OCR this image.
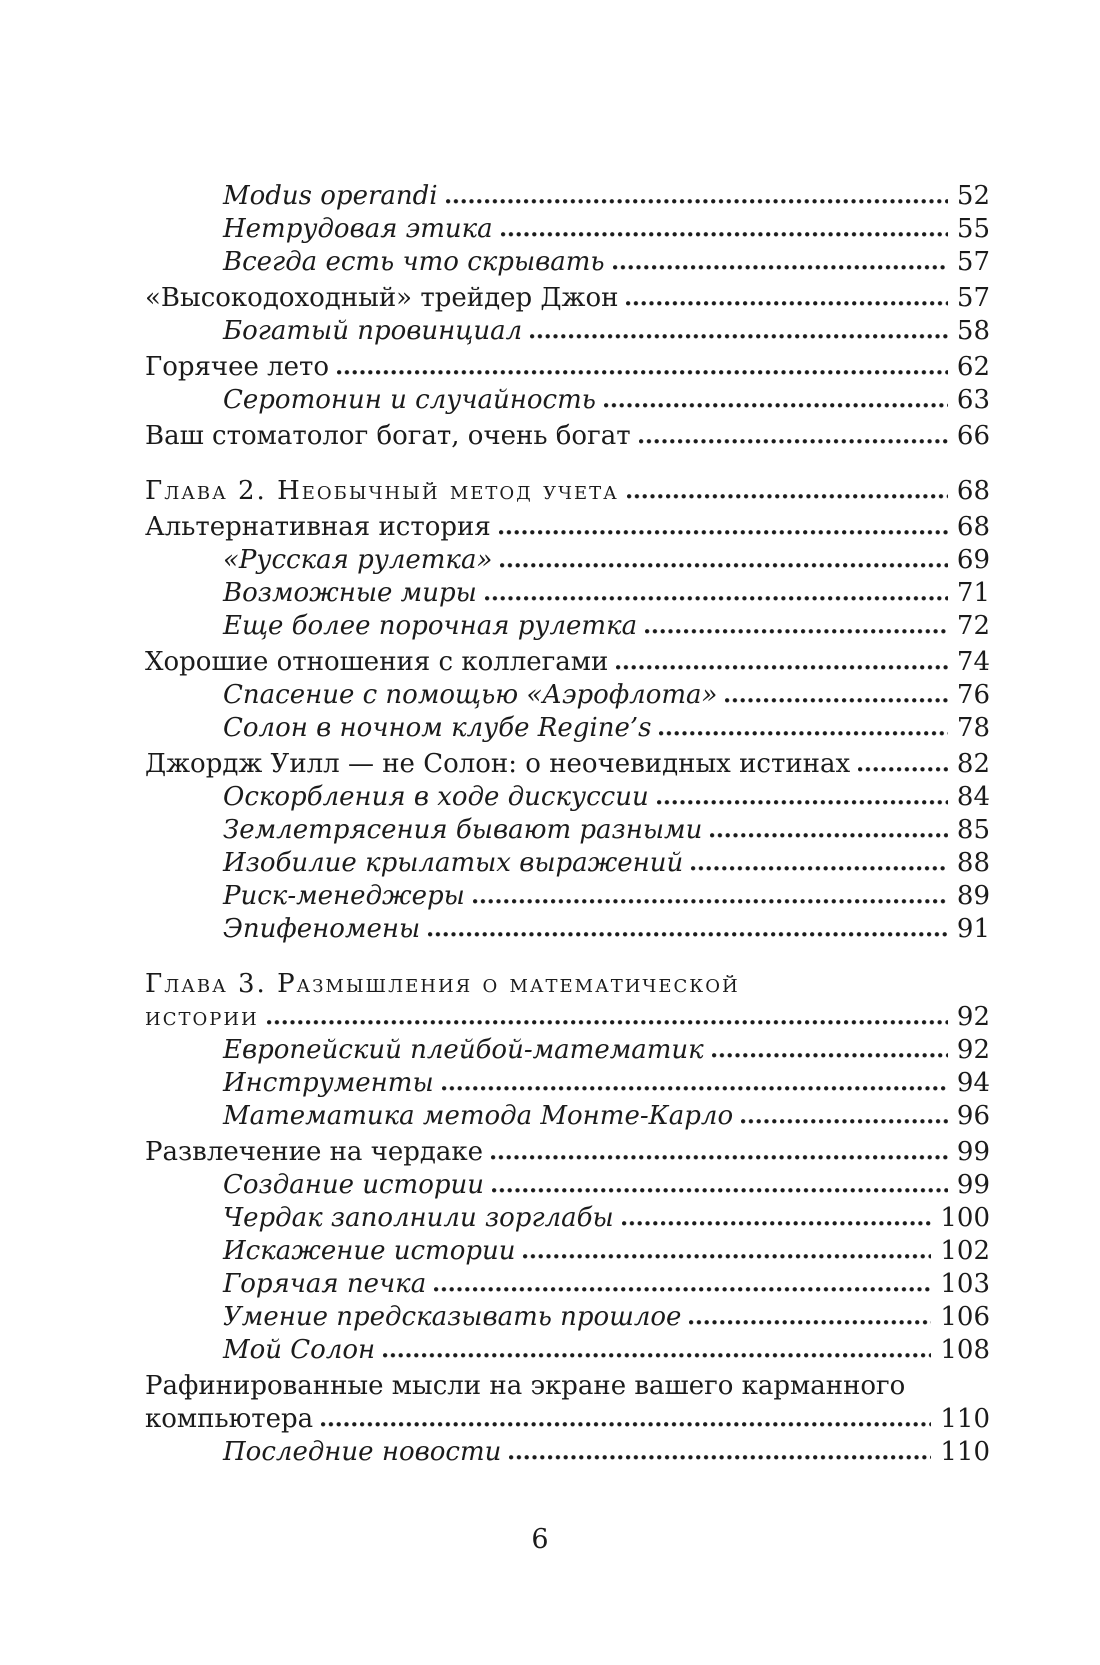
Modus operandi	52
Нетрудовая этика	55
Всегда есть что скрывать	57
«Высокодоходный» трейдер Джон	57
Богатый провинциал	58
Горячее лето	62
Серотонин и случайность	63
Ваш стоматолог богат, очень богат	66
Глава 2. Необычный метод учета	68
Альтернативная история	68
«Русская рулетка»	69
Возможные миры	71
Еще более порочная рулетка	72
Хорошие отношения с коллегами	74
Спасение с помощью «Аэрофлота»	76
Солон в ночном клубе Regine’s	78
Джордж Уилл — не Солон: о неочевидных истинах	82
Оскорбления в ходе дискуссии	84
Землетрясения бывают разными	85
Изобилие крылатых выражений	88
Риск-менеджеры	89
Эпифеномены	91
Глава 3. Размышления о математической
истории	92
Европейский плейбой-математик	92
Инструменты	94
Математика метода Монте-Карло	96
Развлечение на чердаке	99
Создание истории	99
Чердак заполнили зорглабы	100
Искажение истории	102
Горячая печка	103
Умение предсказывать прошлое	106
Мой Солон	108
Рафинированные мысли на экране вашего карманного
компьютера	110
Последние новости	110
6
